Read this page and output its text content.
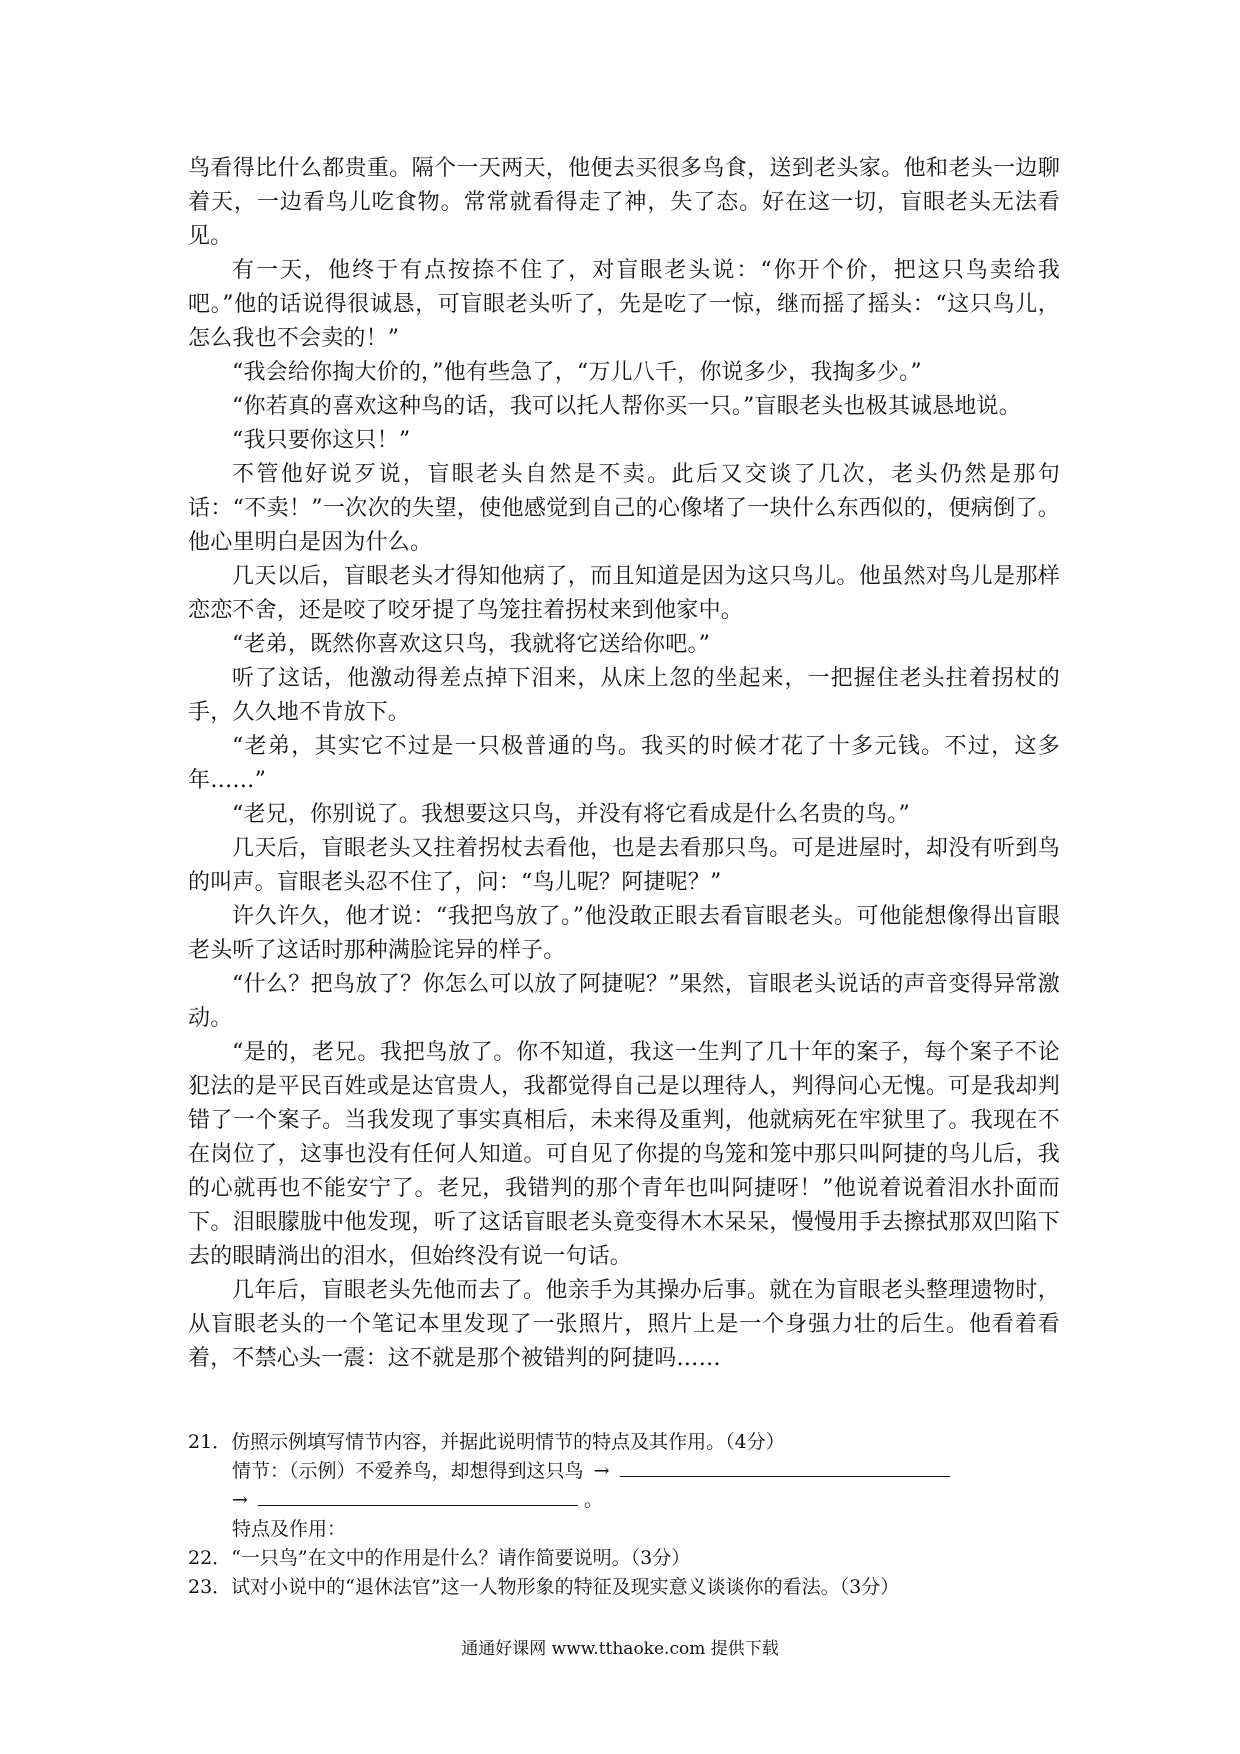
鸟看得比什么都贵重。隔个一天两天，他便去买很多鸟食，送到老头家。他和老头一边聊着天，一边看鸟儿吃食物。常常就看得走了神，失了态。好在这一切，盲眼老头无法看见。

有一天，他终于有点按捺不住了，对盲眼老头说：“你开个价，把这只鸟卖给我吧。”他的话说得很诚恳，可盲眼老头听了，先是吃了一惊，继而摇了摇头：“这只鸟儿，怎么我也不会卖的！”

“我会给你掏大价的，”他有些急了，“万儿八千，你说多少，我掏多少。”

“你若真的喜欢这种鸟的话，我可以托人帮你买一只。”盲眼老头也极其诚恳地说。

“我只要你这只！”

不管他好说歹说，盲眼老头自然是不卖。此后又交谈了几次，老头仍然是那句话：“不卖！”一次次的失望，使他感觉到自己的心像堵了一块什么东西似的，便病倒了。他心里明白是因为什么。

几天以后，盲眼老头才得知他病了，而且知道是因为这只鸟儿。他虽然对鸟儿是那样恋恋不舍，还是咬了咬牙提了鸟笼拄着拐杖来到他家中。

“老弟，既然你喜欢这只鸟，我就将它送给你吧。”

听了这话，他激动得差点掉下泪来，从床上忽的坐起来，一把握住老头拄着拐杖的手，久久地不肯放下。

“老弟，其实它不过是一只极普通的鸟。我买的时候才花了十多元钱。不过，这多年……”

“老兄，你别说了。我想要这只鸟，并没有将它看成是什么名贵的鸟。”

几天后，盲眼老头又拄着拐杖去看他，也是去看那只鸟。可是进屋时，却没有听到鸟的叫声。盲眼老头忍不住了，问：“鸟儿呢？阿捷呢？”

许久许久，他才说：“我把鸟放了。”他没敢正眼去看盲眼老头。可他能想像得出盲眼老头听了这话时那种满脸诧异的样子。

“什么？把鸟放了？你怎么可以放了阿捷呢？”果然，盲眼老头说话的声音变得异常激动。

“是的，老兄。我把鸟放了。你不知道，我这一生判了几十年的案子，每个案子不论犯法的是平民百姓或是达官贵人，我都觉得自己是以理待人，判得问心无愧。可是我却判错了一个案子。当我发现了事实真相后，未来得及重判，他就病死在牢狱里了。我现在不在岗位了，这事也没有任何人知道。可自见了你提的鸟笼和笼中那只叫阿捷的鸟儿后，我的心就再也不能安宁了。老兄，我错判的那个青年也叫阿捷呀！”他说着说着泪水扑面而下。泪眼朦胧中他发现，听了这话盲眼老头竟变得木木呆呆，慢慢用手去擦拭那双凹陷下去的眼睛淌出的泪水，但始终没有说一句话。

几年后，盲眼老头先他而去了。他亲手为其操办后事。就在为盲眼老头整理遗物时，从盲眼老头的一个笔记本里发现了一张照片，照片上是一个身强力壮的后生。他看着看着，不禁心头一震：这不就是那个被错判的阿捷吗……

21．仿照示例填写情节内容，并据此说明情节的特点及其作用。（4分）

情节：（示例）不爱养鸟，却想得到这只鸟 →

→	。

特点及作用：

22．“一只鸟”在文中的作用是什么？请作简要说明。（3分）

23．试对小说中的“退休法官”这一人物形象的特征及现实意义谈谈你的看法。（3分）

通通好课网 www.tthaoke.com 提供下载
